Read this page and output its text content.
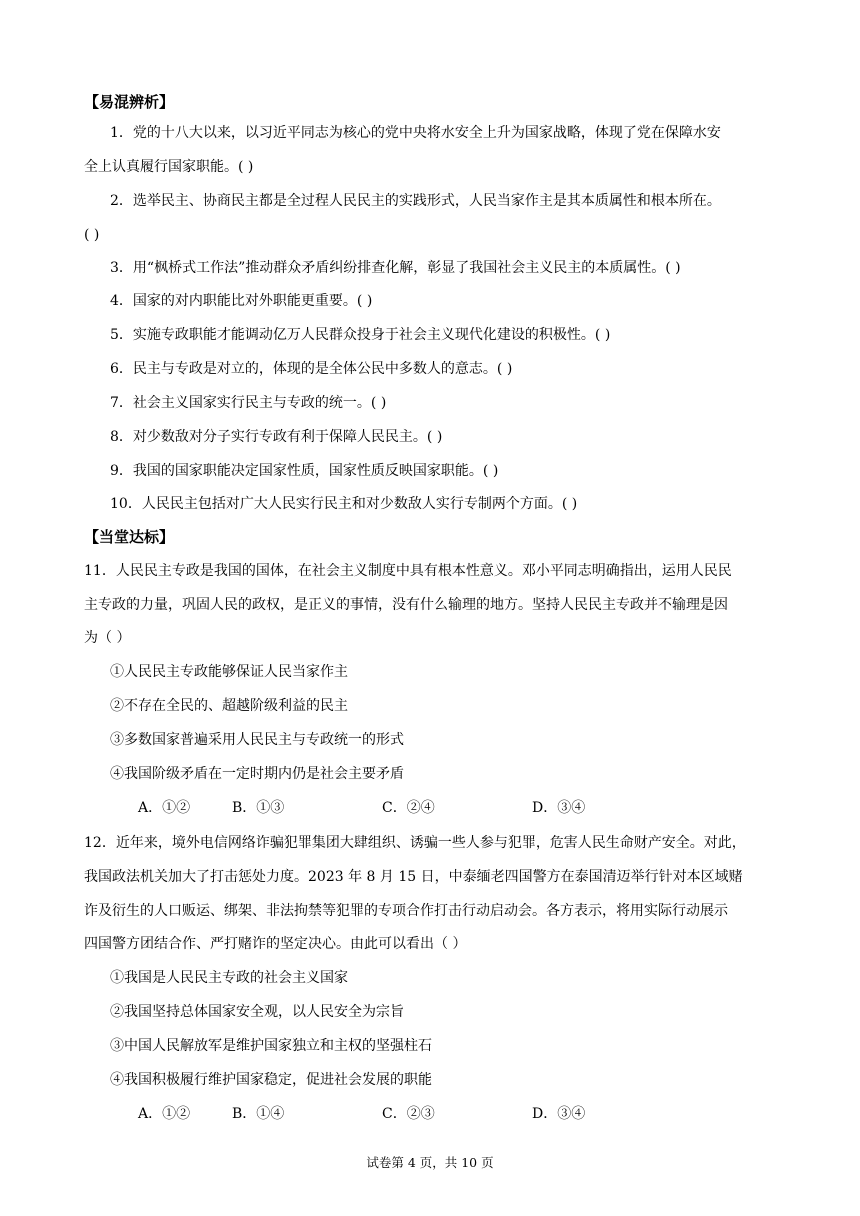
【易混辨析】
1．党的十八大以来，以习近平同志为核心的党中央将水安全上升为国家战略，体现了党在保障水安
全上认真履行国家职能。( )
2．选举民主、协商民主都是全过程人民民主的实践形式，人民当家作主是其本质属性和根本所在。
( )
3．用“枫桥式工作法”推动群众矛盾纠纷排查化解，彰显了我国社会主义民主的本质属性。( )
4．国家的对内职能比对外职能更重要。( )
5．实施专政职能才能调动亿万人民群众投身于社会主义现代化建设的积极性。( )
6．民主与专政是对立的，体现的是全体公民中多数人的意志。( )
7．社会主义国家实行民主与专政的统一。( )
8．对少数敌对分子实行专政有利于保障人民民主。( )
9．我国的国家职能决定国家性质，国家性质反映国家职能。( )
10．人民民主包括对广大人民实行民主和对少数敌人实行专制两个方面。( )
【当堂达标】
11．人民民主专政是我国的国体，在社会主义制度中具有根本性意义。邓小平同志明确指出，运用人民民
主专政的力量，巩固人民的政权，是正义的事情，没有什么输理的地方。坚持人民民主专政并不输理是因
为（ ）
①人民民主专政能够保证人民当家作主
②不存在全民的、超越阶级利益的民主
③多数国家普遍采用人民民主与专政统一的形式
④我国阶级矛盾在一定时期内仍是社会主要矛盾
A．①②	B．①③	C．②④	D．③④
12．近年来，境外电信网络诈骗犯罪集团大肆组织、诱骗一些人参与犯罪，危害人民生命财产安全。对此，
我国政法机关加大了打击惩处力度。2023 年 8 月 15 日，中泰缅老四国警方在泰国清迈举行针对本区域赌
诈及衍生的人口贩运、绑架、非法拘禁等犯罪的专项合作打击行动启动会。各方表示，将用实际行动展示
四国警方团结合作、严打赌诈的坚定决心。由此可以看出（ ）
①我国是人民民主专政的社会主义国家
②我国坚持总体国家安全观，以人民安全为宗旨
③中国人民解放军是维护国家独立和主权的坚强柱石
④我国积极履行维护国家稳定，促进社会发展的职能
A．①②	B．①④	C．②③	D．③④
试卷第 4 页，共 10 页
